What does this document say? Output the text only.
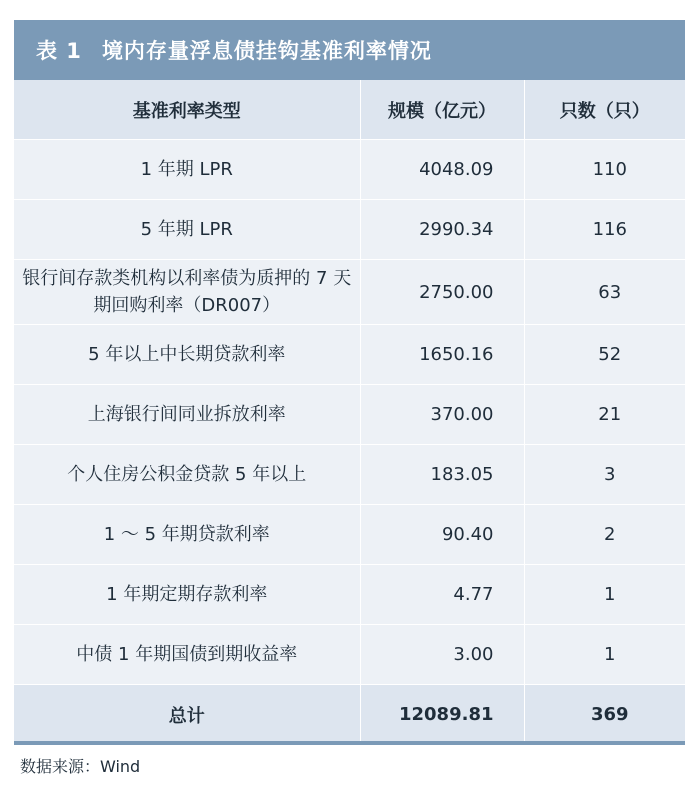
表 1 境内存量浮息债挂钩基准利率情况
基准利率类型	规模（亿元）	只数（只）
1 年期 LPR	4048.09	110
5 年期 LPR	2990.34	116
银行间存款类机构以利率债为质押的 7 天期回购利率（DR007）	2750.00	63
5 年以上中长期贷款利率	1650.16	52
上海银行间同业拆放利率	370.00	21
个人住房公积金贷款 5 年以上	183.05	3
1 ～ 5 年期贷款利率	90.40	2
1 年期定期存款利率	4.77	1
中债 1 年期国债到期收益率	3.00	1
总计	12089.81	369
数据来源：Wind
